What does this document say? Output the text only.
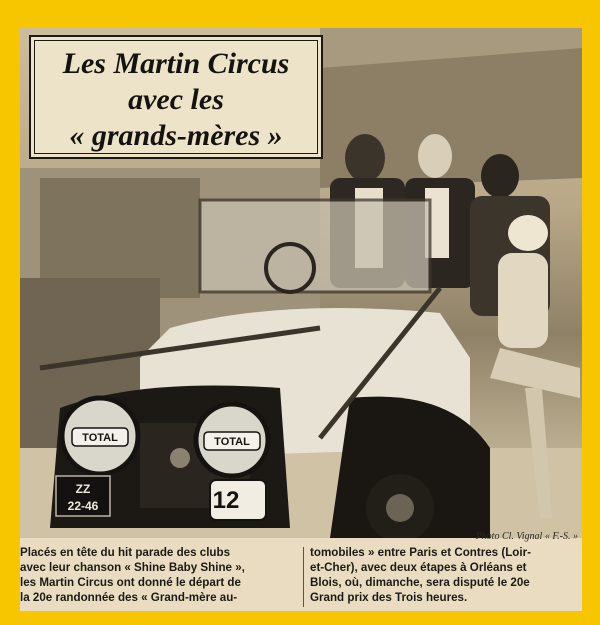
TOTAL	TOTAL
ZZ
22-46	12
Les Martin Circus
avec les
« grands-mères »
Photo Cl. Vignal « F.-S. »
Placés en tête du hit parade des clubs
avec leur chanson « Shine Baby Shine »,
les Martin Circus ont donné le départ de
la 20e randonnée des « Grand-mère au-
tomobiles » entre Paris et Contres (Loir-
et-Cher), avec deux étapes à Orléans et
Blois, où, dimanche, sera disputé le 20e
Grand prix des Trois heures.
